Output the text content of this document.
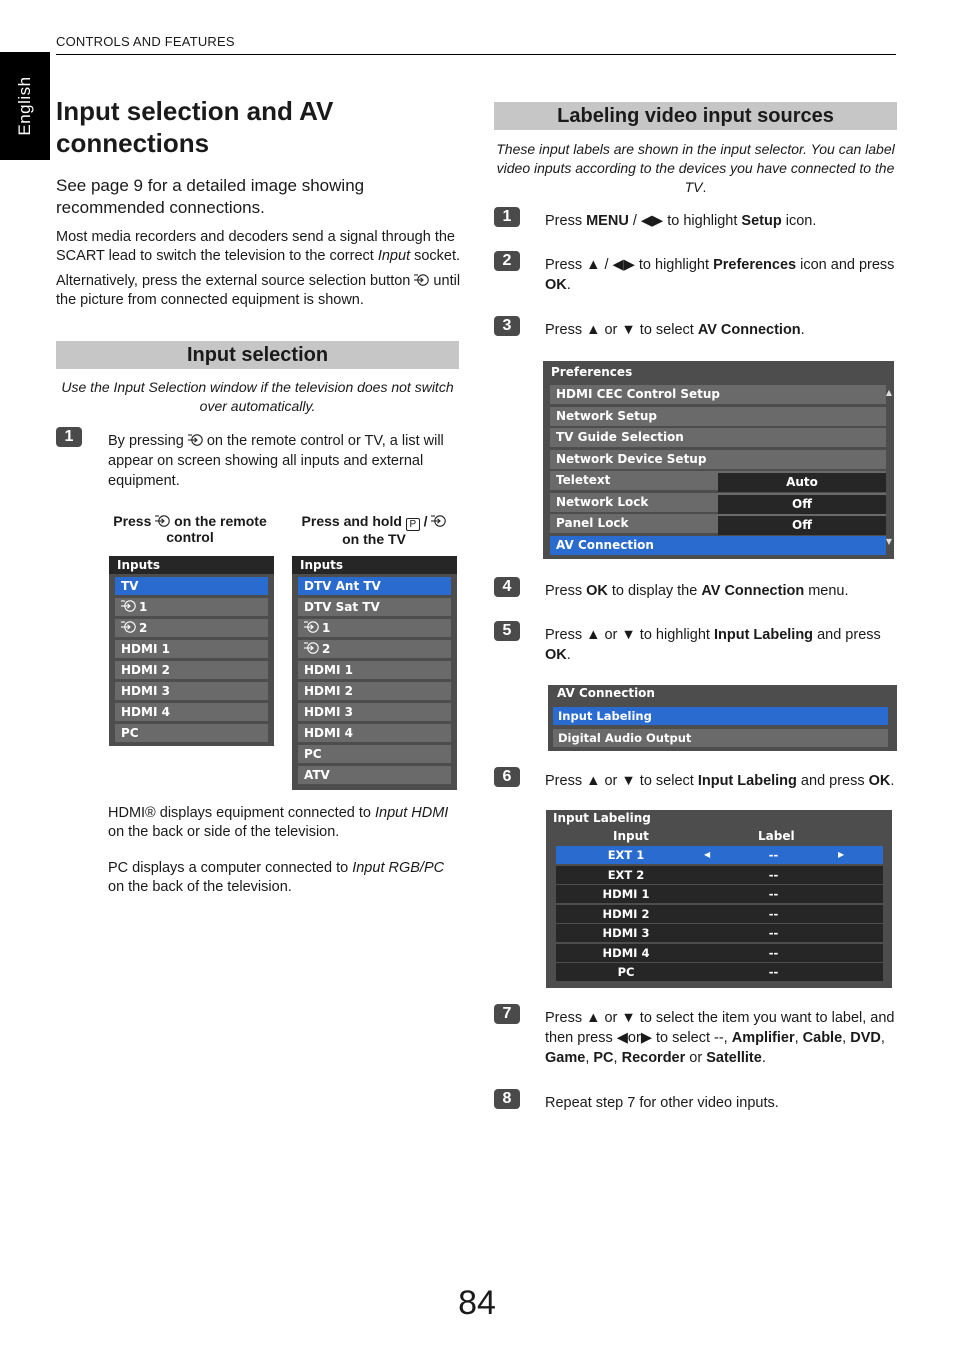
English
CONTROLS AND FEATURES
Input selection and AV connections
See page 9 for a detailed image showing recommended connections.
Most media recorders and decoders send a signal through the SCART lead to switch the television to the correct Input socket.
Alternatively, press the external source selection button
until the picture from connected equipment is shown.
Input selection
Use the Input Selection window if the television does not switch over automatically.
1	By pressing
on the remote control or TV, a list will appear on screen showing all inputs and external equipment.
Press
on the remote
control
Press and hold P /

on the TV
Inputs
TV
1
2
HDMI 1
HDMI 2
HDMI 3
HDMI 4
PC
Inputs
DTV Ant TV
DTV Sat TV
1
2
HDMI 1
HDMI 2
HDMI 3
HDMI 4
PC
ATV
HDMI® displays equipment connected to Input HDMI on the back or side of the television.
PC displays a computer connected to Input RGB/PC on the back of the television.
Labeling video input sources
These input labels are shown in the input selector. You can label video inputs according to the devices you have connected to the TV.
1	Press MENU / ◀▶ to highlight Setup icon.
2	Press ▲ / ◀▶ to highlight Preferences icon and press OK.
3	Press ▲ or ▼ to select AV Connection.
Preferences
▲
▼
HDMI CEC Control Setup
Network Setup
TV Guide Selection
Network Device Setup
Teletext	Auto
Network Lock	Off
Panel Lock	Off
AV Connection
4	Press OK to display the AV Connection menu.
5	Press ▲ or ▼ to highlight Input Labeling and press OK.
AV Connection
Input Labeling
Digital Audio Output
6	Press ▲ or ▼ to select Input Labeling and press OK.
Input Labeling
Input	Label
EXT 1	--
◀	▶
EXT 2	--
HDMI 1	--
HDMI 2	--
HDMI 3	--
HDMI 4	--
PC	--
7	Press ▲ or ▼ to select the item you want to label, and then press ◀or▶ to select --, Amplifier, Cable, DVD, Game, PC, Recorder or Satellite.
8	Repeat step 7 for other video inputs.
84
